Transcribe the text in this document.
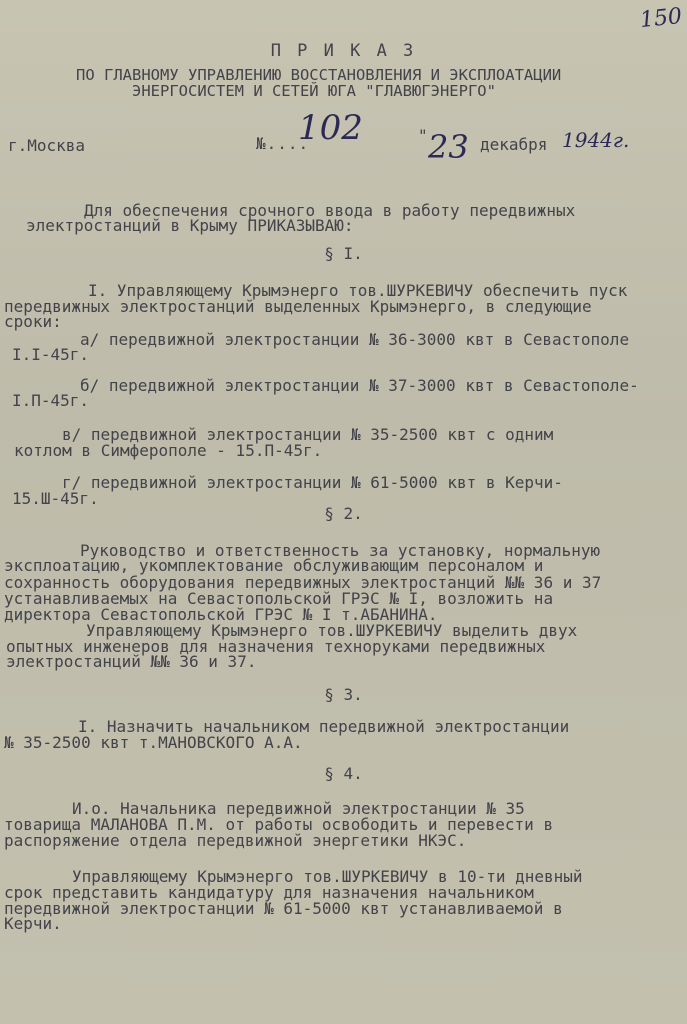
150
П Р И К А З
ПО ГЛАВНОМУ УПРАВЛЕНИЮ ВОССТАНОВЛЕНИЯ И ЭКСПЛОАТАЦИИ
ЭНЕРГОСИСТЕМ И СЕТЕЙ ЮГА "ГЛАВЮГЭНЕРГО"
г.Москва	№....
102	" 23 декабря 1944г.
Для обеспечения срочного ввода в работу передвижных
электростанций в Крыму ПРИКАЗЫВАЮ:
§ I.
I. Управляющему Крымэнерго тов.ШУРКЕВИЧУ обеспечить пуск
передвижных электростанций выделенных Крымэнерго, в следующие
сроки:
а/ передвижной электростанции № 36-3000 квт в Севастополе
I.I-45г.
б/ передвижной электростанции № 37-3000 квт в Севастополе-
I.П-45г.
в/ передвижной электростанции № 35-2500 квт с одним
котлом в Симферополе - 15.П-45г.
г/ передвижной электростанции № 61-5000 квт в Керчи-
15.Ш-45г.
§ 2.
Руководство и ответственность за установку, нормальную
эксплоатацию, укомплектование обслуживающим персоналом и
сохранность оборудования передвижных электростанций №№ 36 и 37
устанавливаемых на Севастопольской ГРЭС № I, возложить на
директора Севастопольской ГРЭС № I т.АБАНИНА.
Управляющему Крымэнерго тов.ШУРКЕВИЧУ выделить двух
опытных инженеров для назначения техноруками передвижных
электростанций №№ 36 и 37.
§ 3.
I. Назначить начальником передвижной электростанции
№ 35-2500 квт т.МАНОВСКОГО А.А.
§ 4.
И.о. Начальника передвижной электростанции № 35
товарища МАЛАНОВА П.М. от работы освободить и перевести в
распоряжение отдела передвижной энергетики НКЭС.
Управляющему Крымэнерго тов.ШУРКЕВИЧУ в 10-ти дневный
срок представить кандидатуру для назначения начальником
передвижной электростанции № 61-5000 квт устанавливаемой в
Керчи.
